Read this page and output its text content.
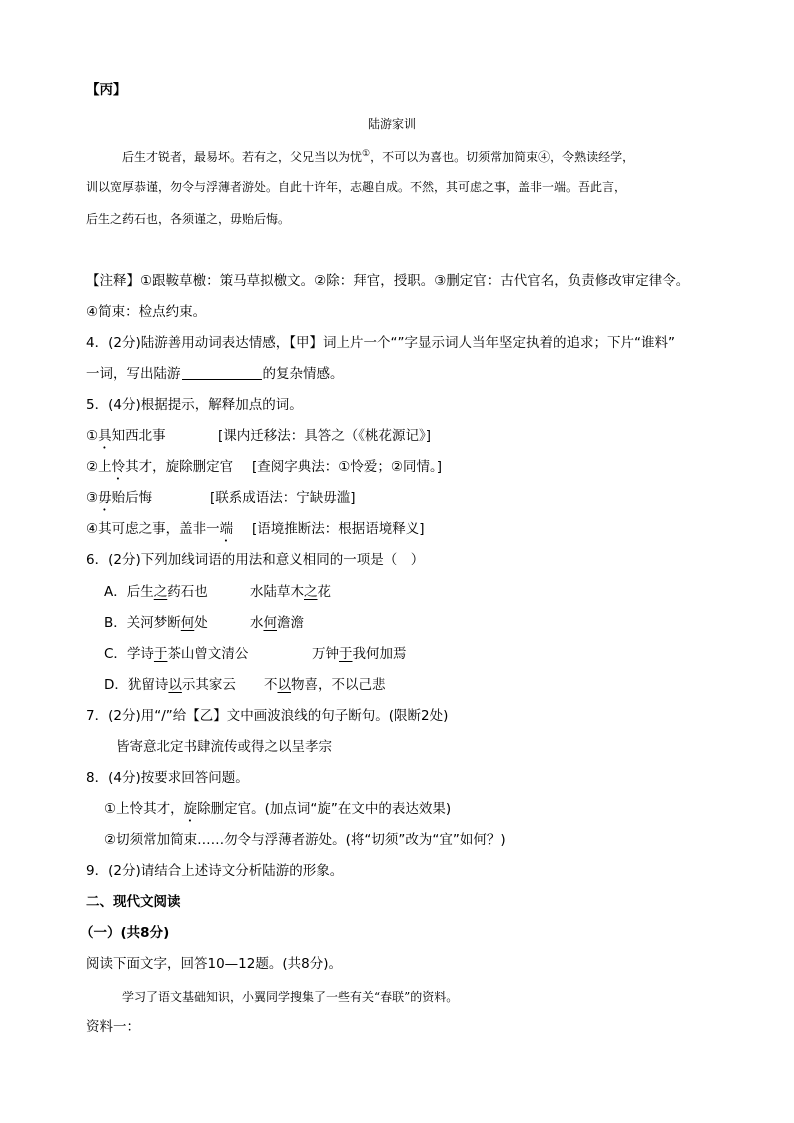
【丙】
陆游家训
后生才锐者，最易坏。若有之，父兄当以为忧①，不可以为喜也。切须常加简束④，令熟读经学，
训以宽厚恭谨，勿令与浮薄者游处。自此十许年，志趣自成。不然，其可虑之事，盖非一端。吾此言，
后生之药石也，各须谨之，毋贻后悔。
【注释】①跟鞍草檄：策马草拟檄文。②除：拜官，授职。③删定官：古代官名，负责修改审定律令。
④简束：检点约束。
4．(2分)陆游善用动词表达情感，【甲】词上片一个“”字显示词人当年坚定执着的追求；下片“谁料”
一词，写出陆游	的复杂情感。
5．(4分)根据提示，解释加点的词。
①具知西北事	[课内迁移法：具答之（《桃花源记》]
②上怜其才，旋除删定官 [查阅字典法：①怜爱；②同情。]
③毋贻后悔	[联系成语法：宁缺毋滥]
④其可虑之事，盖非一端 [语境推断法：根据语境释义]
6．(2分)下列加线词语的用法和意义相同的一项是（　）
A．后生之药石也	水陆草木之花
B．关河梦断何处	水何澹澹
C．学诗于茶山曾文清公	万钟于我何加焉
D．犹留诗以示其家云 不以物喜，不以己悲
7．(2分)用“/”给【乙】文中画波浪线的句子断句。(限断2处)
皆寄意北定书肆流传或得之以呈孝宗
8．(4分)按要求回答问题。
①上怜其才，旋除删定官。(加点词“旋”在文中的表达效果)
②切须常加简束……勿令与浮薄者游处。(将“切须”改为“宜”如何？)
9．(2分)请结合上述诗文分析陆游的形象。
二、现代文阅读
（一）(共8分)
阅读下面文字，回答10—12题。(共8分)。
学习了语文基础知识，小翼同学搜集了一些有关“春联”的资料。
资料一：
